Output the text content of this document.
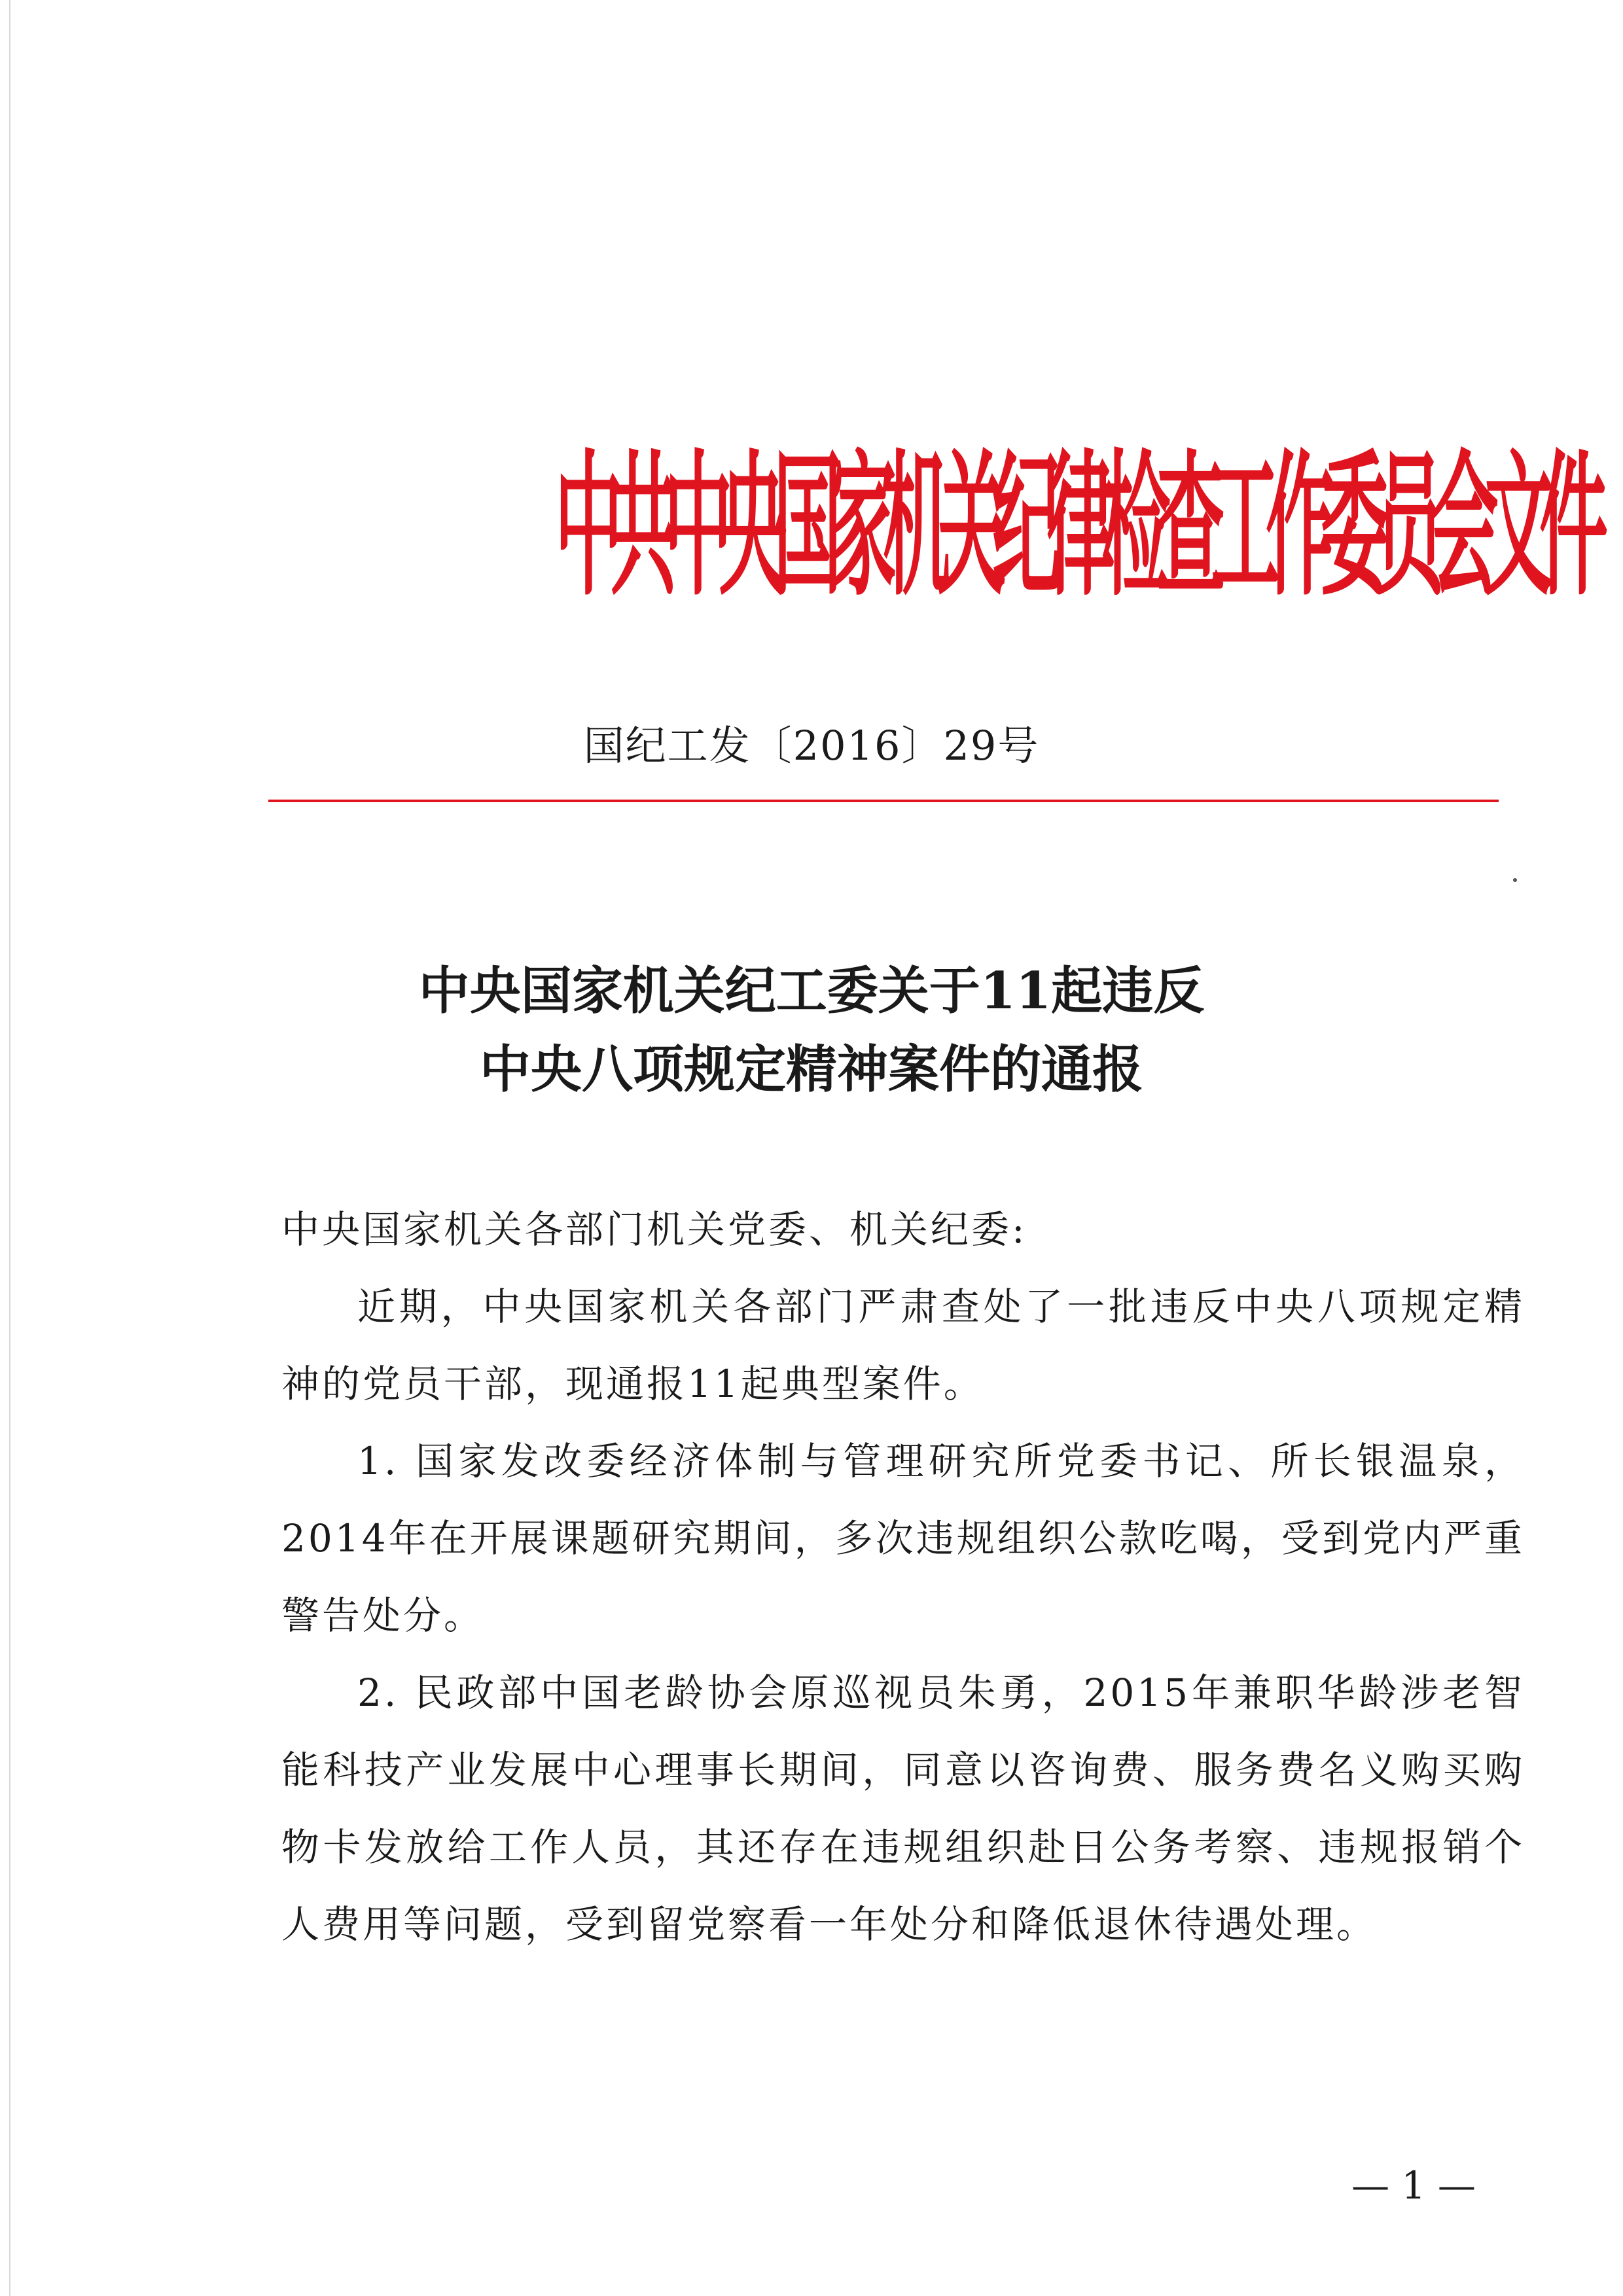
中共中央国家机关纪律检查工作委员会文件
国纪工发〔2016〕29号
中央国家机关纪工委关于11起违反
中央八项规定精神案件的通报

中央国家机关各部门机关党委、机关纪委:

近期，中央国家机关各部门严肃查处了一批违反中央八项规定精神的党员干部，现通报11起典型案件。

1. 国家发改委经济体制与管理研究所党委书记、所长银温泉，2014年在开展课题研究期间，多次违规组织公款吃喝，受到党内严重警告处分。

2. 民政部中国老龄协会原巡视员朱勇，2015年兼职华龄涉老智能科技产业发展中心理事长期间，同意以咨询费、服务费名义购买购物卡发放给工作人员，其还存在违规组织赴日公务考察、违规报销个人费用等问题，受到留党察看一年处分和降低退休待遇处理。

— 1 —
